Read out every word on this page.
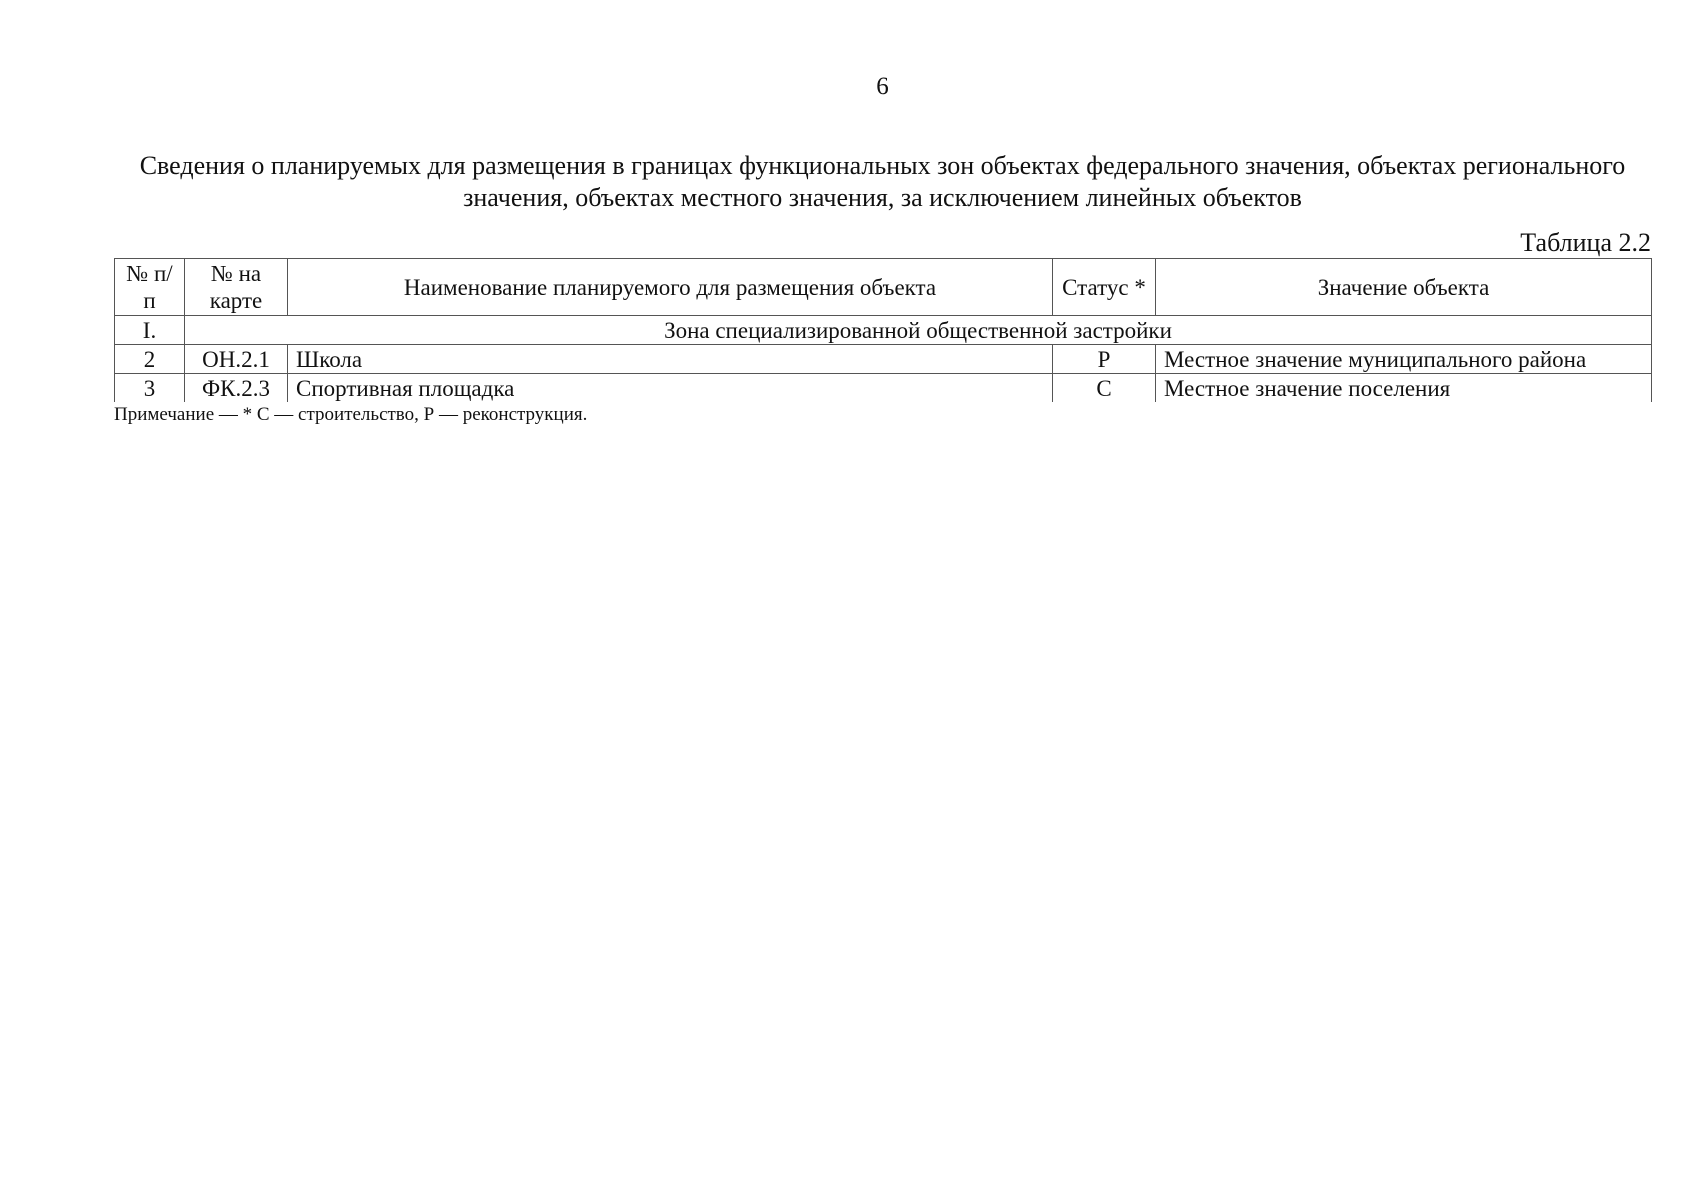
6
Сведения о планируемых для размещения в границах функциональных зон объектах федерального значения, объектах регионального значения, объектах местного значения, за исключением линейных объектов
Таблица 2.2
№ п/п	№ на карте	Наименование планируемого для размещения объекта	Статус *	Значение объекта
I.	Зона специализированной общественной застройки			
2	ОН.2.1	Школа	Р	Местное значение муниципального района
3	ФК.2.3	Спортивная площадка	С	Местное значение поселения
Примечание — * С — строительство, Р — реконструкция.
